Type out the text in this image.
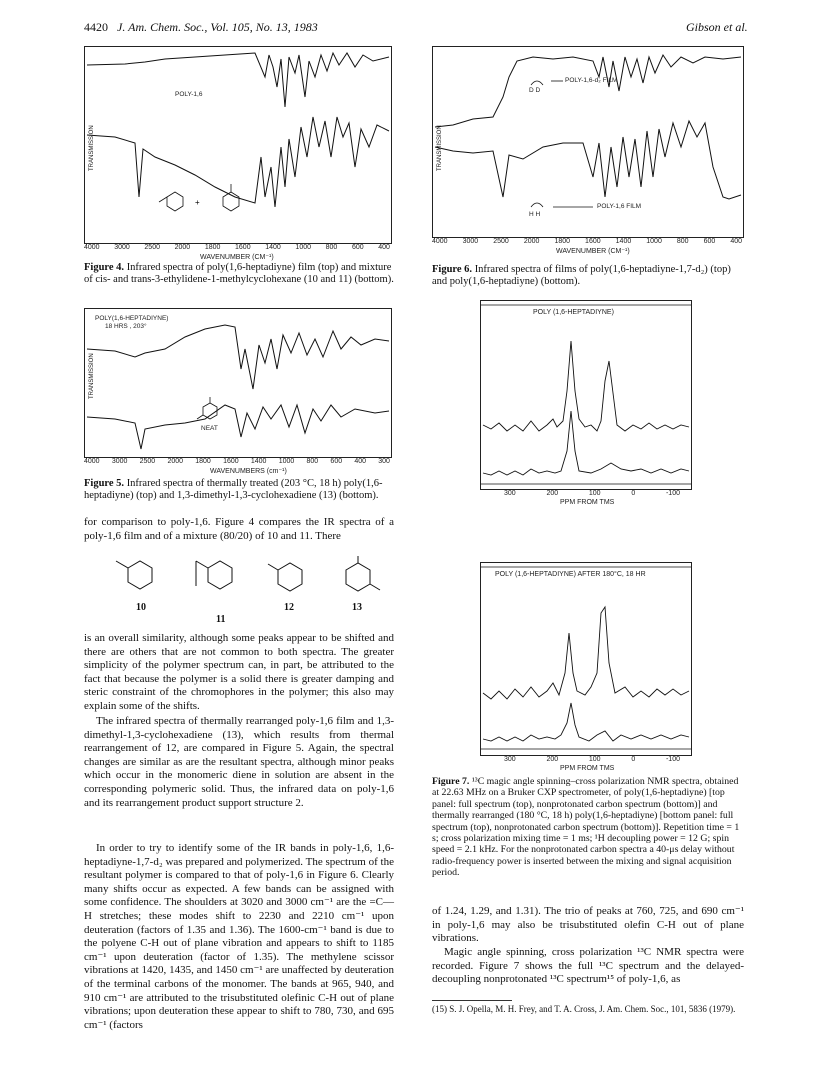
4420 J. Am. Chem. Soc., Vol. 105, No. 13, 1983	Gibson et al.
+
POLY-1,6
TRANSMISSION
4000 3000 2500 2000 1800 1600 1400 1000 800 600 400
WAVENUMBER (CM⁻¹)
Figure 4. Infrared spectra of poly(1,6-heptadiyne) film (top) and mixture of cis- and trans-3-ethylidene-1-methylcyclohexane (10 and 11) (bottom).
POLY(1,6-HEPTADIYNE)
18 HRS , 203°
NEAT
TRANSMISSION
4000 3000 2500 2000 1800 1600 1400 1000 800 600 400 300
WAVENUMBERS (cm⁻¹)
Figure 5. Infrared spectra of thermally treated (203 °C, 18 h) poly(1,6-heptadiyne) (top) and 1,3-dimethyl-1,3-cyclohexadiene (13) (bottom).
for comparison to poly-1,6. Figure 4 compares the IR spectra of a poly-1,6 film and of a mixture (80/20) of 10 and 11. There
10
11
12	13
is an overall similarity, although some peaks appear to be shifted and there are others that are not common to both spectra. The greater simplicity of the polymer spectrum can, in part, be attributed to the fact that because the polymer is a solid there is greater damping and steric constraint of the chromophores in the polymer; this also may explain some of the shifts.
The infrared spectra of thermally rearranged poly-1,6 film and 1,3-dimethyl-1,3-cyclohexadiene (13), which results from thermal rearrangement of 12, are compared in Figure 5. Again, the spectral changes are similar as are the resultant spectra, although minor peaks which occur in the monomeric diene in solution are absent in the corresponding polymeric solid. Thus, the infrared data on poly-1,6 and its rearrangement product support structure 2.
In order to try to identify some of the IR bands in poly-1,6, 1,6-heptadiyne-1,7-d₂ was prepared and polymerized. The spectrum of the resultant polymer is compared to that of poly-1,6 in Figure 6. Clearly many shifts occur as expected. A few bands can be assigned with some confidence. The shoulders at 3020 and 3000 cm⁻¹ are the =C—H stretches; these modes shift to 2230 and 2210 cm⁻¹ upon deuteration (factors of 1.35 and 1.36). The 1600-cm⁻¹ band is due to the polyene C-H out of plane vibration and appears to shift to 1185 cm⁻¹ upon deuteration (factor of 1.35). The methylene scissor vibrations at 1420, 1435, and 1450 cm⁻¹ are unaffected by deuteration of the terminal carbons of the monomer. The bands at 965, 940, and 910 cm⁻¹ are attributed to the trisubstituted olefinic C-H out of plane vibrations; upon deuteration these appear to shift to 780, 730, and 695 cm⁻¹ (factors
POLY-1,6-d₂ FILM
D D
POLY-1,6 FILM
H H
TRANSMISSION
4000 3000 2500 2000 1800 1600 1400 1000 800 600 400
WAVENUMBER (CM⁻¹)
Figure 6. Infrared spectra of films of poly(1,6-heptadiyne-1,7-d₂) (top) and poly(1,6-heptadiyne) (bottom).
POLY (1,6-HEPTADIYNE)
300	200	100	0	-100
PPM FROM TMS
POLY (1,6-HEPTADIYNE) AFTER 180°C, 18 HR
300	200	100	0	-100
PPM FROM TMS
Figure 7. ¹³C magic angle spinning–cross polarization NMR spectra, obtained at 22.63 MHz on a Bruker CXP spectrometer, of poly(1,6-heptadiyne) [top panel: full spectrum (top), nonprotonated carbon spectrum (bottom)] and thermally rearranged (180 °C, 18 h) poly(1,6-heptadiyne) [bottom panel: full spectrum (top), nonprotonated carbon spectrum (bottom)]. Repetition time = 1 s; cross polarization mixing time = 1 ms; ¹H decoupling power = 12 G; spin speed = 2.1 kHz. For the nonprotonated carbon spectra a 40-μs delay without radio-frequency power is inserted between the mixing and signal acquisition period.
of 1.24, 1.29, and 1.31). The trio of peaks at 760, 725, and 690 cm⁻¹ in poly-1,6 may also be trisubstituted olefin C-H out of plane vibrations.
Magic angle spinning, cross polarization ¹³C NMR spectra were recorded. Figure 7 shows the full ¹³C spectrum and the delayed-decoupling nonprotonated ¹³C spectrum¹⁵ of poly-1,6, as
(15) S. J. Opella, M. H. Frey, and T. A. Cross, J. Am. Chem. Soc., 101, 5836 (1979).
